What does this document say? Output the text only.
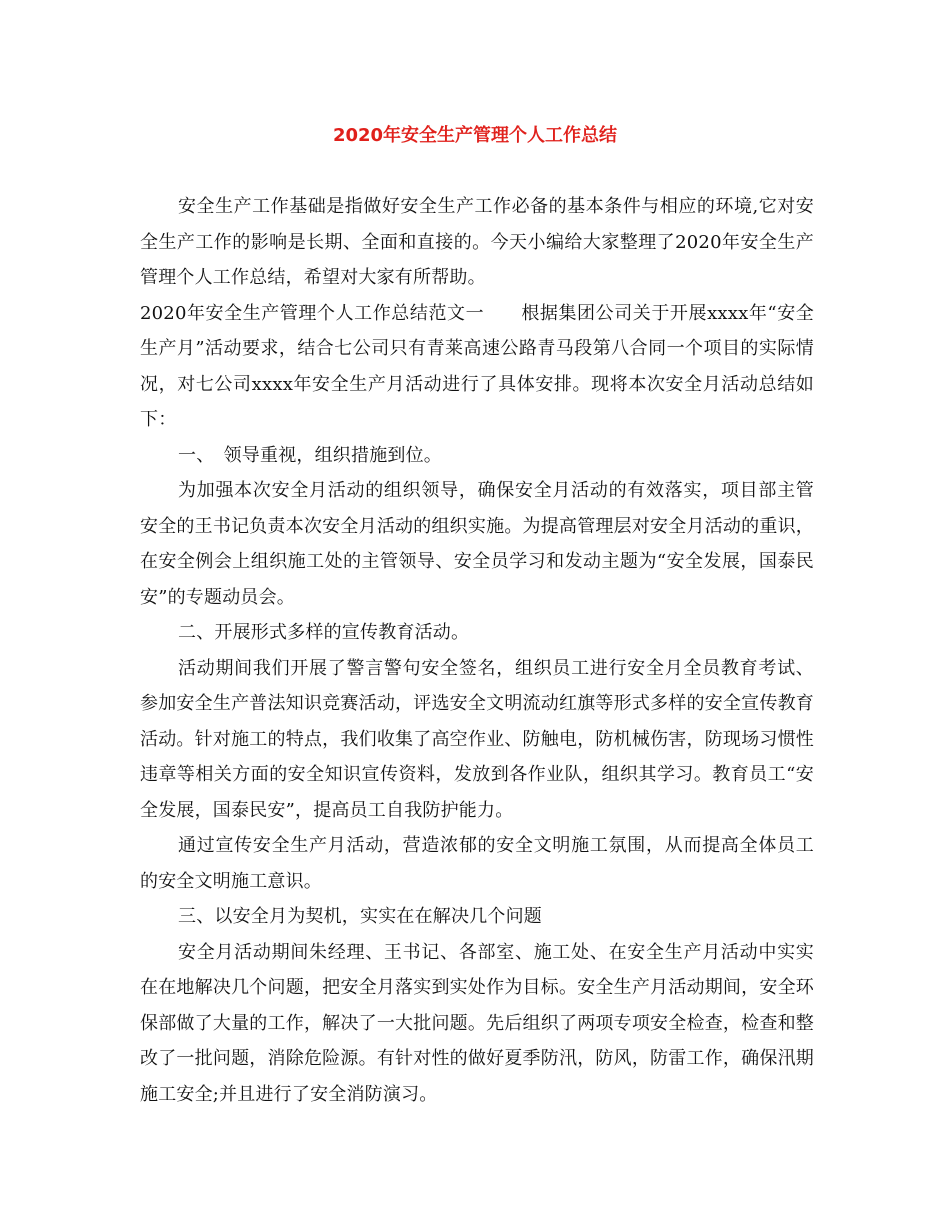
2020年安全生产管理个人工作总结

安全生产工作基础是指做好安全生产工作必备的基本条件与相应的环境,它对安全生产工作的影响是长期、全面和直接的。今天小编给大家整理了2020年安全生产管理个人工作总结，希望对大家有所帮助。

2020年安全生产管理个人工作总结范文一　　根据集团公司关于开展xxxx年“安全生产月”活动要求，结合七公司只有青莱高速公路青马段第八合同一个项目的实际情况，对七公司xxxx年安全生产月活动进行了具体安排。现将本次安全月活动总结如下：

一、　领导重视，组织措施到位。

为加强本次安全月活动的组织领导，确保安全月活动的有效落实，项目部主管安全的王书记负责本次安全月活动的组织实施。为提高管理层对安全月活动的重识，在安全例会上组织施工处的主管领导、安全员学习和发动主题为“安全发展，国泰民安”的专题动员会。

二、开展形式多样的宣传教育活动。

活动期间我们开展了警言警句安全签名，组织员工进行安全月全员教育考试、参加安全生产普法知识竞赛活动，评选安全文明流动红旗等形式多样的安全宣传教育活动。针对施工的特点，我们收集了高空作业、防触电，防机械伤害，防现场习惯性违章等相关方面的安全知识宣传资料，发放到各作业队，组织其学习。教育员工“安全发展，国泰民安”，提高员工自我防护能力。

通过宣传安全生产月活动，营造浓郁的安全文明施工氛围，从而提高全体员工的安全文明施工意识。

三、以安全月为契机，实实在在解决几个问题

安全月活动期间朱经理、王书记、各部室、施工处、在安全生产月活动中实实在在地解决几个问题，把安全月落实到实处作为目标。安全生产月活动期间，安全环保部做了大量的工作，解决了一大批问题。先后组织了两项专项安全检查，检查和整改了一批问题，消除危险源。有针对性的做好夏季防汛，防风，防雷工作，确保汛期施工安全;并且进行了安全消防演习。
